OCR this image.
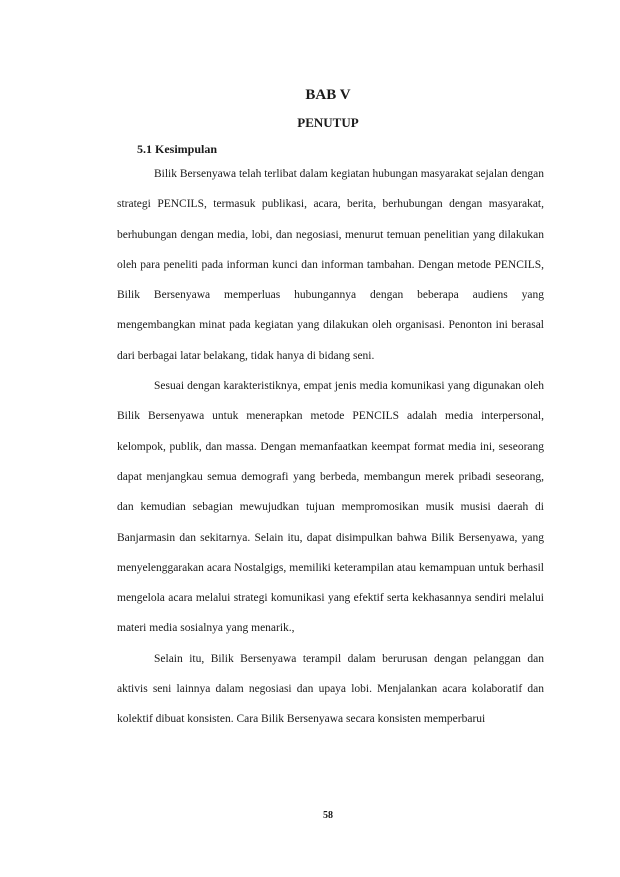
BAB V
PENUTUP
5.1 Kesimpulan

Bilik Bersenyawa telah terlibat dalam kegiatan hubungan masyarakat sejalan dengan strategi PENCILS, termasuk publikasi, acara, berita, berhubungan dengan masyarakat, berhubungan dengan media, lobi, dan negosiasi, menurut temuan penelitian yang dilakukan oleh para peneliti pada informan kunci dan informan tambahan. Dengan metode PENCILS, Bilik Bersenyawa memperluas hubungannya dengan beberapa audiens yang mengembangkan minat pada kegiatan yang dilakukan oleh organisasi. Penonton ini berasal dari berbagai latar belakang, tidak hanya di bidang seni.

Sesuai dengan karakteristiknya, empat jenis media komunikasi yang digunakan oleh Bilik Bersenyawa untuk menerapkan metode PENCILS adalah media interpersonal, kelompok, publik, dan massa. Dengan memanfaatkan keempat format media ini, seseorang dapat menjangkau semua demografi yang berbeda, membangun merek pribadi seseorang, dan kemudian sebagian mewujudkan tujuan mempromosikan musik musisi daerah di Banjarmasin dan sekitarnya. Selain itu, dapat disimpulkan bahwa Bilik Bersenyawa, yang menyelenggarakan acara Nostalgigs, memiliki keterampilan atau kemampuan untuk berhasil mengelola acara melalui strategi komunikasi yang efektif serta kekhasannya sendiri melalui materi media sosialnya yang menarik.,

Selain itu, Bilik Bersenyawa terampil dalam berurusan dengan pelanggan dan aktivis seni lainnya dalam negosiasi dan upaya lobi. Menjalankan acara kolaboratif dan kolektif dibuat konsisten. Cara Bilik Bersenyawa secara konsisten memperbarui

58
